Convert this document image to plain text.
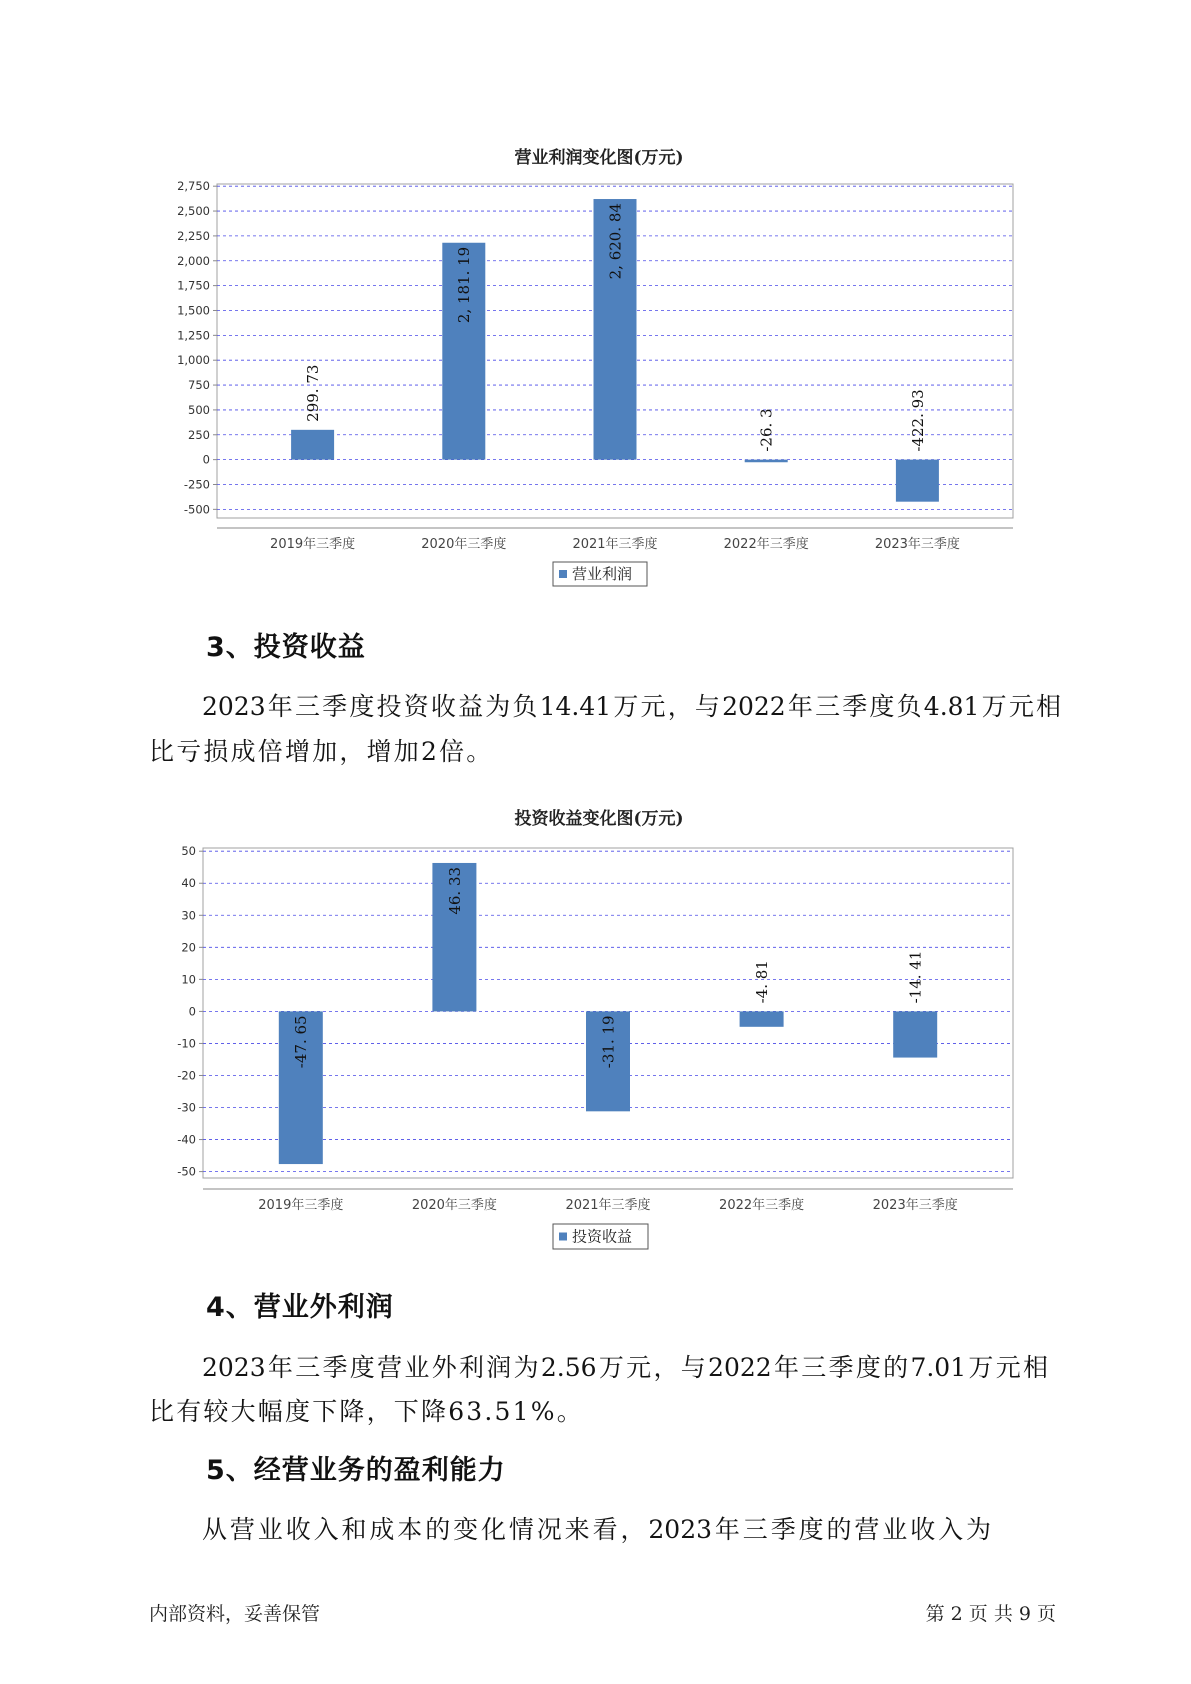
营业利润变化图(万元)
2,750
2,500
2,250
2,000
1,750
1,500
1,250
1,000
750
500
250
0
-250
-500
299. 73
2019年三季度
2, 181. 19
2020年三季度
2, 620. 84
2021年三季度
-26. 3
2022年三季度
-422. 93
2023年三季度
营业利润
3、投资收益
2023年三季度投资收益为负14.41万元，与2022年三季度负4.81万元相
比亏损成倍增加，增加2倍。
投资收益变化图(万元)
50
40
30
20
10
0
-10
-20
-30
-40
-50
-47. 65
2019年三季度
46. 33
2020年三季度
-31. 19
2021年三季度
-4. 81
2022年三季度
-14. 41
2023年三季度
投资收益
4、营业外利润
2023年三季度营业外利润为2.56万元，与2022年三季度的7.01万元相
比有较大幅度下降，下降63.51%。
5、经营业务的盈利能力
从营业收入和成本的变化情况来看，2023年三季度的营业收入为
内部资料，妥善保管	第 2 页 共 9 页
